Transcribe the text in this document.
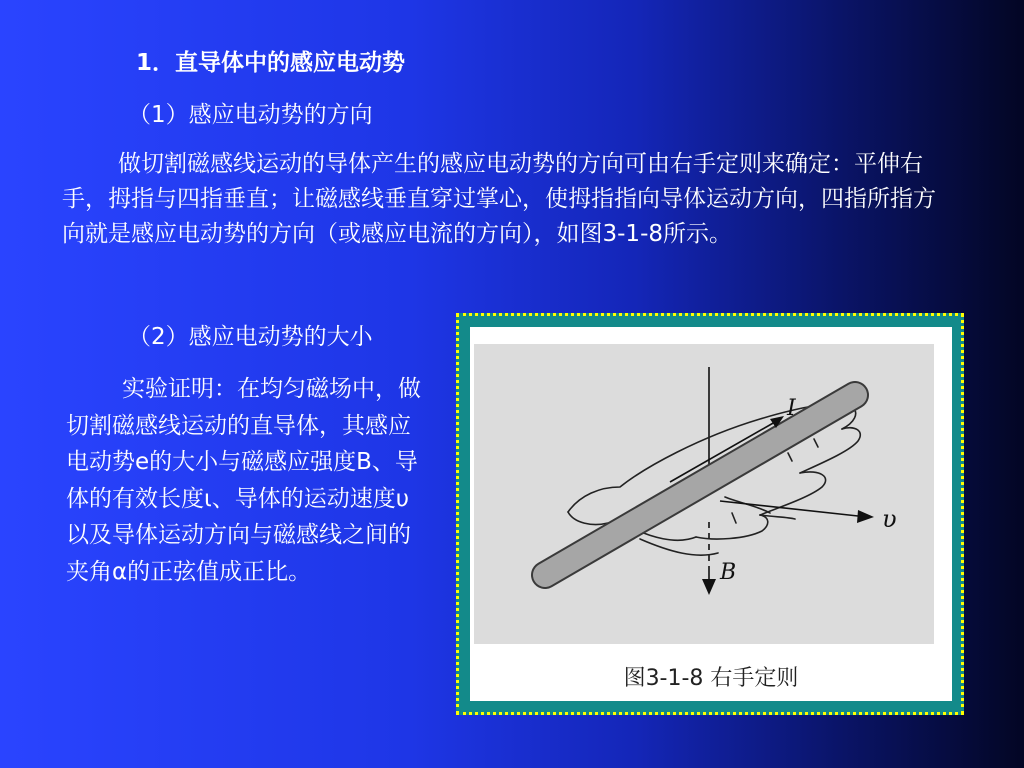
1．直导体中的感应电动势
（1）感应电动势的方向
做切割磁感线运动的导体产生的感应电动势的方向可由右手定则来确定：平伸右手，拇指与四指垂直；让磁感线垂直穿过掌心，使拇指指向导体运动方向，四指所指方向就是感应电动势的方向（或感应电流的方向），如图3-1-8所示。
（2）感应电动势的大小
实验证明：在均匀磁场中，做切割磁感线运动的直导体，其感应电动势e的大小与磁感应强度B、导体的有效长度ι、导体的运动速度υ以及导体运动方向与磁感线之间的夹角α的正弦值成正比。
I
υ
B
图3-1-8 右手定则
